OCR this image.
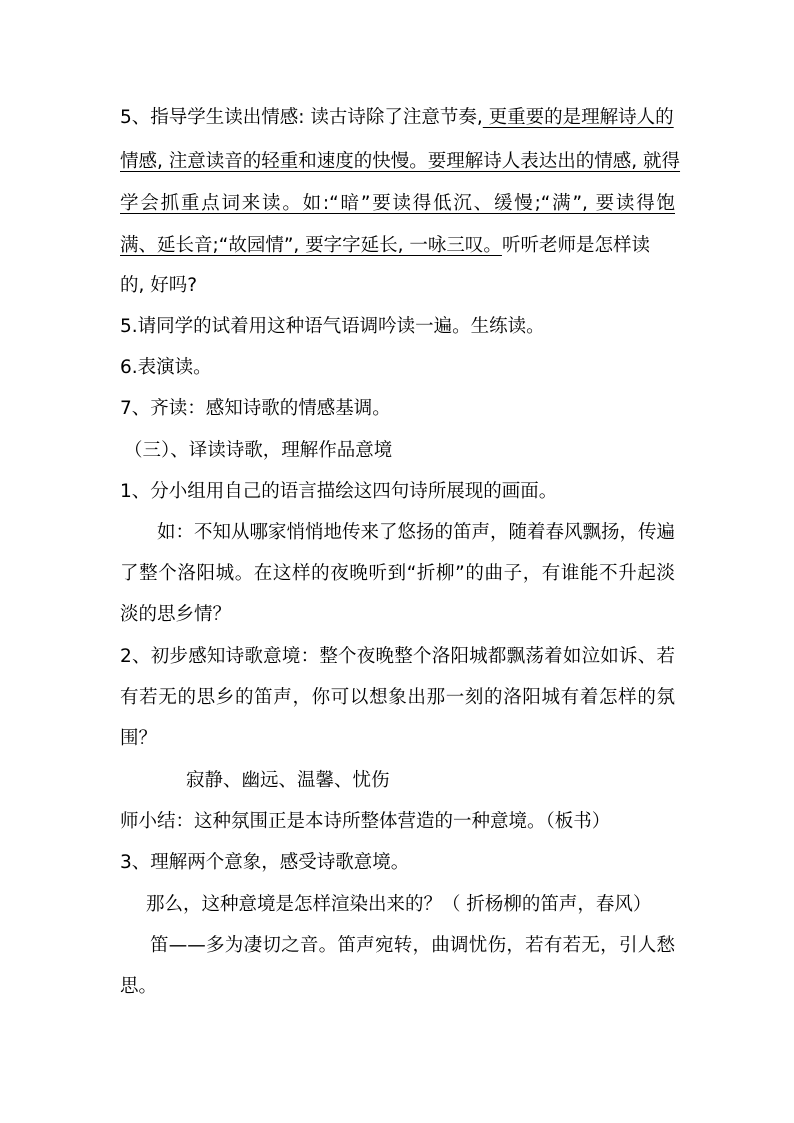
5、指导学生读出情感: 读古诗除了注意节奏, 更重要的是理解诗人的
情感, 注意读音的轻重和速度的快慢。要理解诗人表达出的情感, 就得
学会抓重点词来读。如:“暗”要读得低沉、缓慢;“满”, 要读得饱
满、延长音;“故园情”, 要字字延长, 一咏三叹。听听老师是怎样读
的, 好吗?
5.请同学的试着用这种语气语调吟读一遍。生练读。
6.表演读。
7、齐读：感知诗歌的情感基调。
（三）、译读诗歌，理解作品意境
1、分小组用自己的语言描绘这四句诗所展现的画面。
如：不知从哪家悄悄地传来了悠扬的笛声，随着春风飘扬，传遍
了整个洛阳城。在这样的夜晚听到“折柳”的曲子，有谁能不升起淡
淡的思乡情？
2、初步感知诗歌意境：整个夜晚整个洛阳城都飘荡着如泣如诉、若
有若无的思乡的笛声，你可以想象出那一刻的洛阳城有着怎样的氛
围？
寂静、幽远、温馨、忧伤
师小结：这种氛围正是本诗所整体营造的一种意境。（板书）
3、理解两个意象，感受诗歌意境。
那么，这种意境是怎样渲染出来的？（ 折杨柳的笛声，春风）
笛——多为凄切之音。笛声宛转，曲调忧伤，若有若无，引人愁
思。
